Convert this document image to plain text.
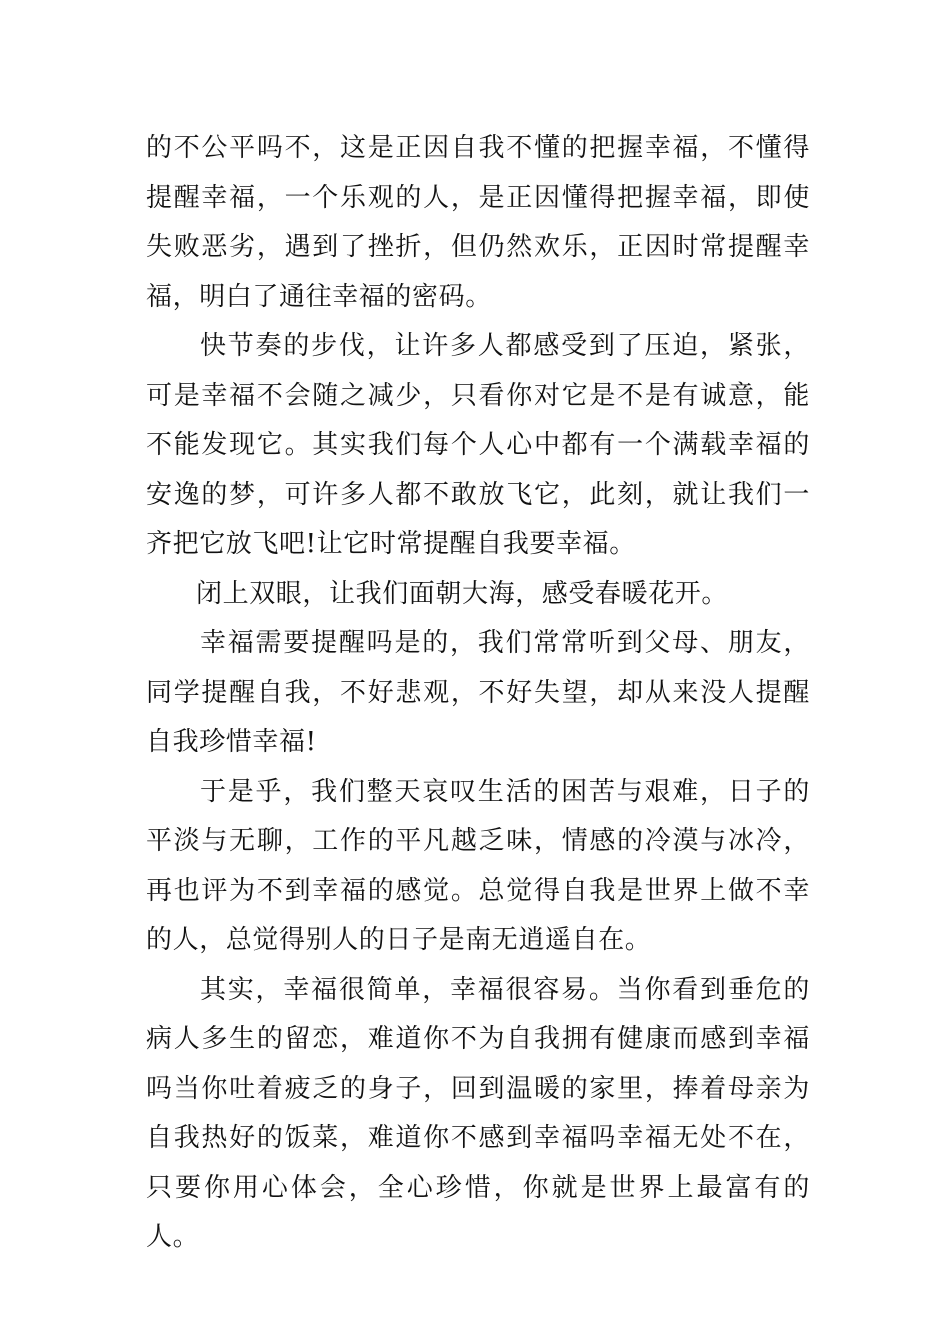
的不公平吗不，这是正因自我不懂的把握幸福，不懂得提醒幸福，一个乐观的人，是正因懂得把握幸福，即使失败恶劣，遇到了挫折，但仍然欢乐，正因时常提醒幸福，明白了通往幸福的密码。

快节奏的步伐，让许多人都感受到了压迫，紧张，可是幸福不会随之减少，只看你对它是不是有诚意，能不能发现它。其实我们每个人心中都有一个满载幸福的安逸的梦，可许多人都不敢放飞它，此刻，就让我们一齐把它放飞吧!让它时常提醒自我要幸福。

闭上双眼，让我们面朝大海，感受春暖花开。

幸福需要提醒吗是的，我们常常听到父母、朋友，同学提醒自我，不好悲观，不好失望，却从来没人提醒自我珍惜幸福!

于是乎，我们整天哀叹生活的困苦与艰难，日子的平淡与无聊，工作的平凡越乏味，情感的冷漠与冰冷，再也评为不到幸福的感觉。总觉得自我是世界上做不幸的人，总觉得别人的日子是南无逍遥自在。

其实，幸福很简单，幸福很容易。当你看到垂危的病人多生的留恋，难道你不为自我拥有健康而感到幸福吗当你吐着疲乏的身子，回到温暖的家里，捧着母亲为自我热好的饭菜，难道你不感到幸福吗幸福无处不在，只要你用心体会，全心珍惜，你就是世界上最富有的人。
